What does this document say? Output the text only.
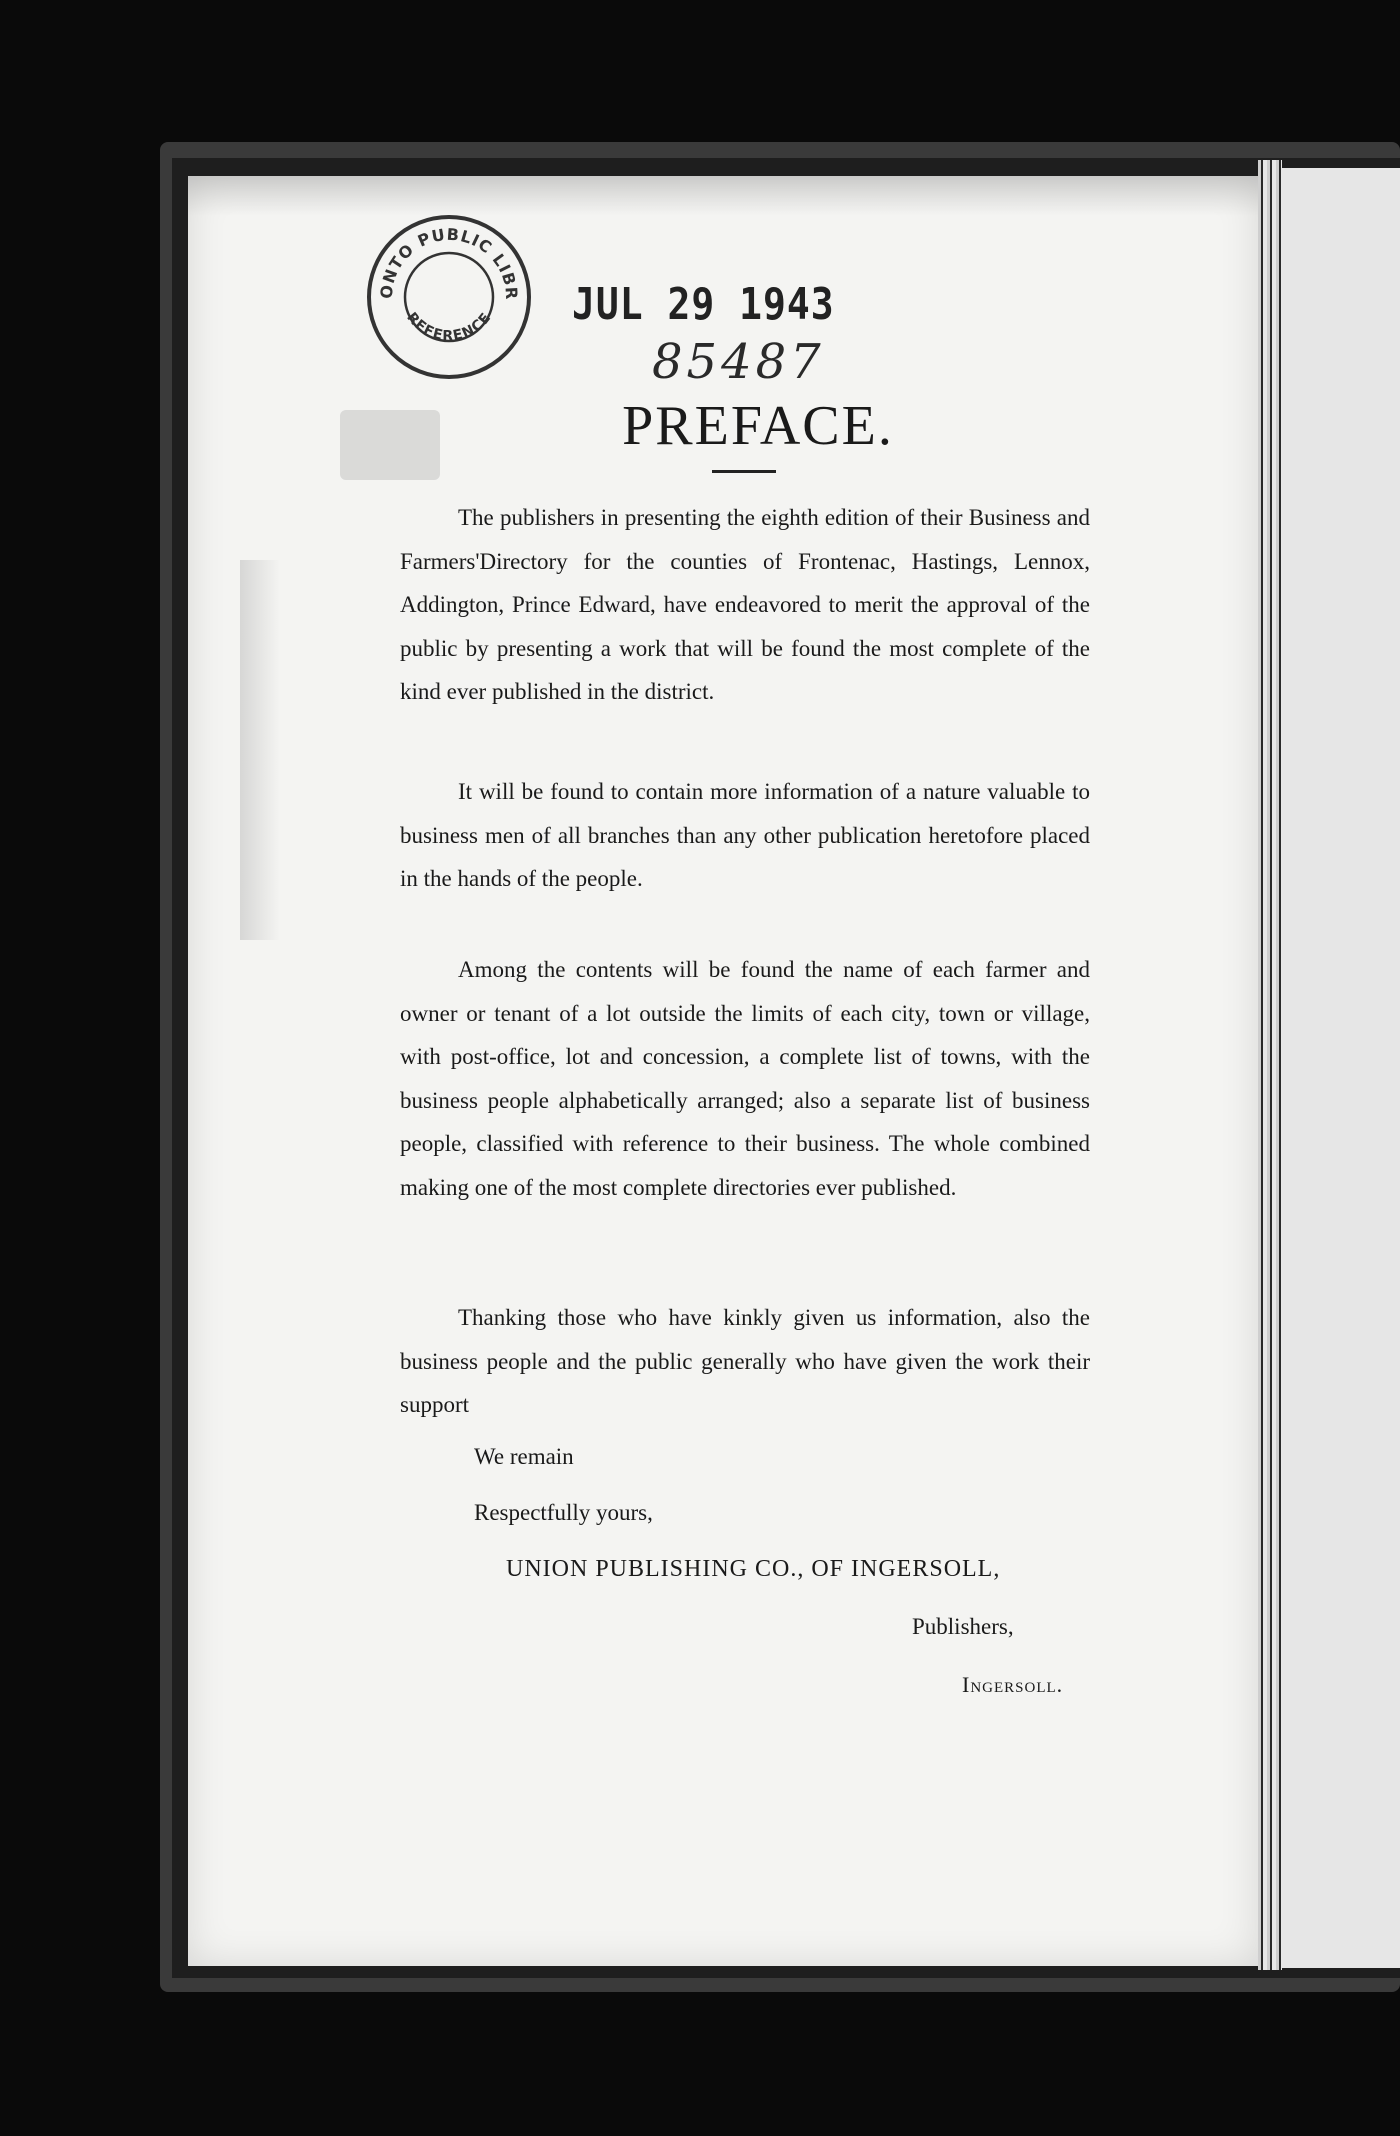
ONTO PUBLIC LIBR
REFERENCE JUL 29 1943
85487
PREFACE.

The publishers in presenting the eighth edition of their Business and Farmers'Directory for the counties of Frontenac, Hastings, Lennox, Addington, Prince Edward, have endeavored to merit the approval of the public by presenting a work that will be found the most complete of the kind ever published in the district.

It will be found to contain more information of a nature valuable to business men of all branches than any other publication heretofore placed in the hands of the people.

Among the contents will be found the name of each farmer and owner or tenant of a lot outside the limits of each city, town or village, with post-office, lot and concession, a complete list of towns, with the business people alphabetically arranged; also a separate list of business people, classified with reference to their business. The whole combined making one of the most complete directories ever published.

Thanking those who have kinkly given us information, also the business people and the public generally who have given the work their support

We remain
Respectfully yours,
UNION PUBLISHING CO., OF INGERSOLL,
Publishers,
Ingersoll.
